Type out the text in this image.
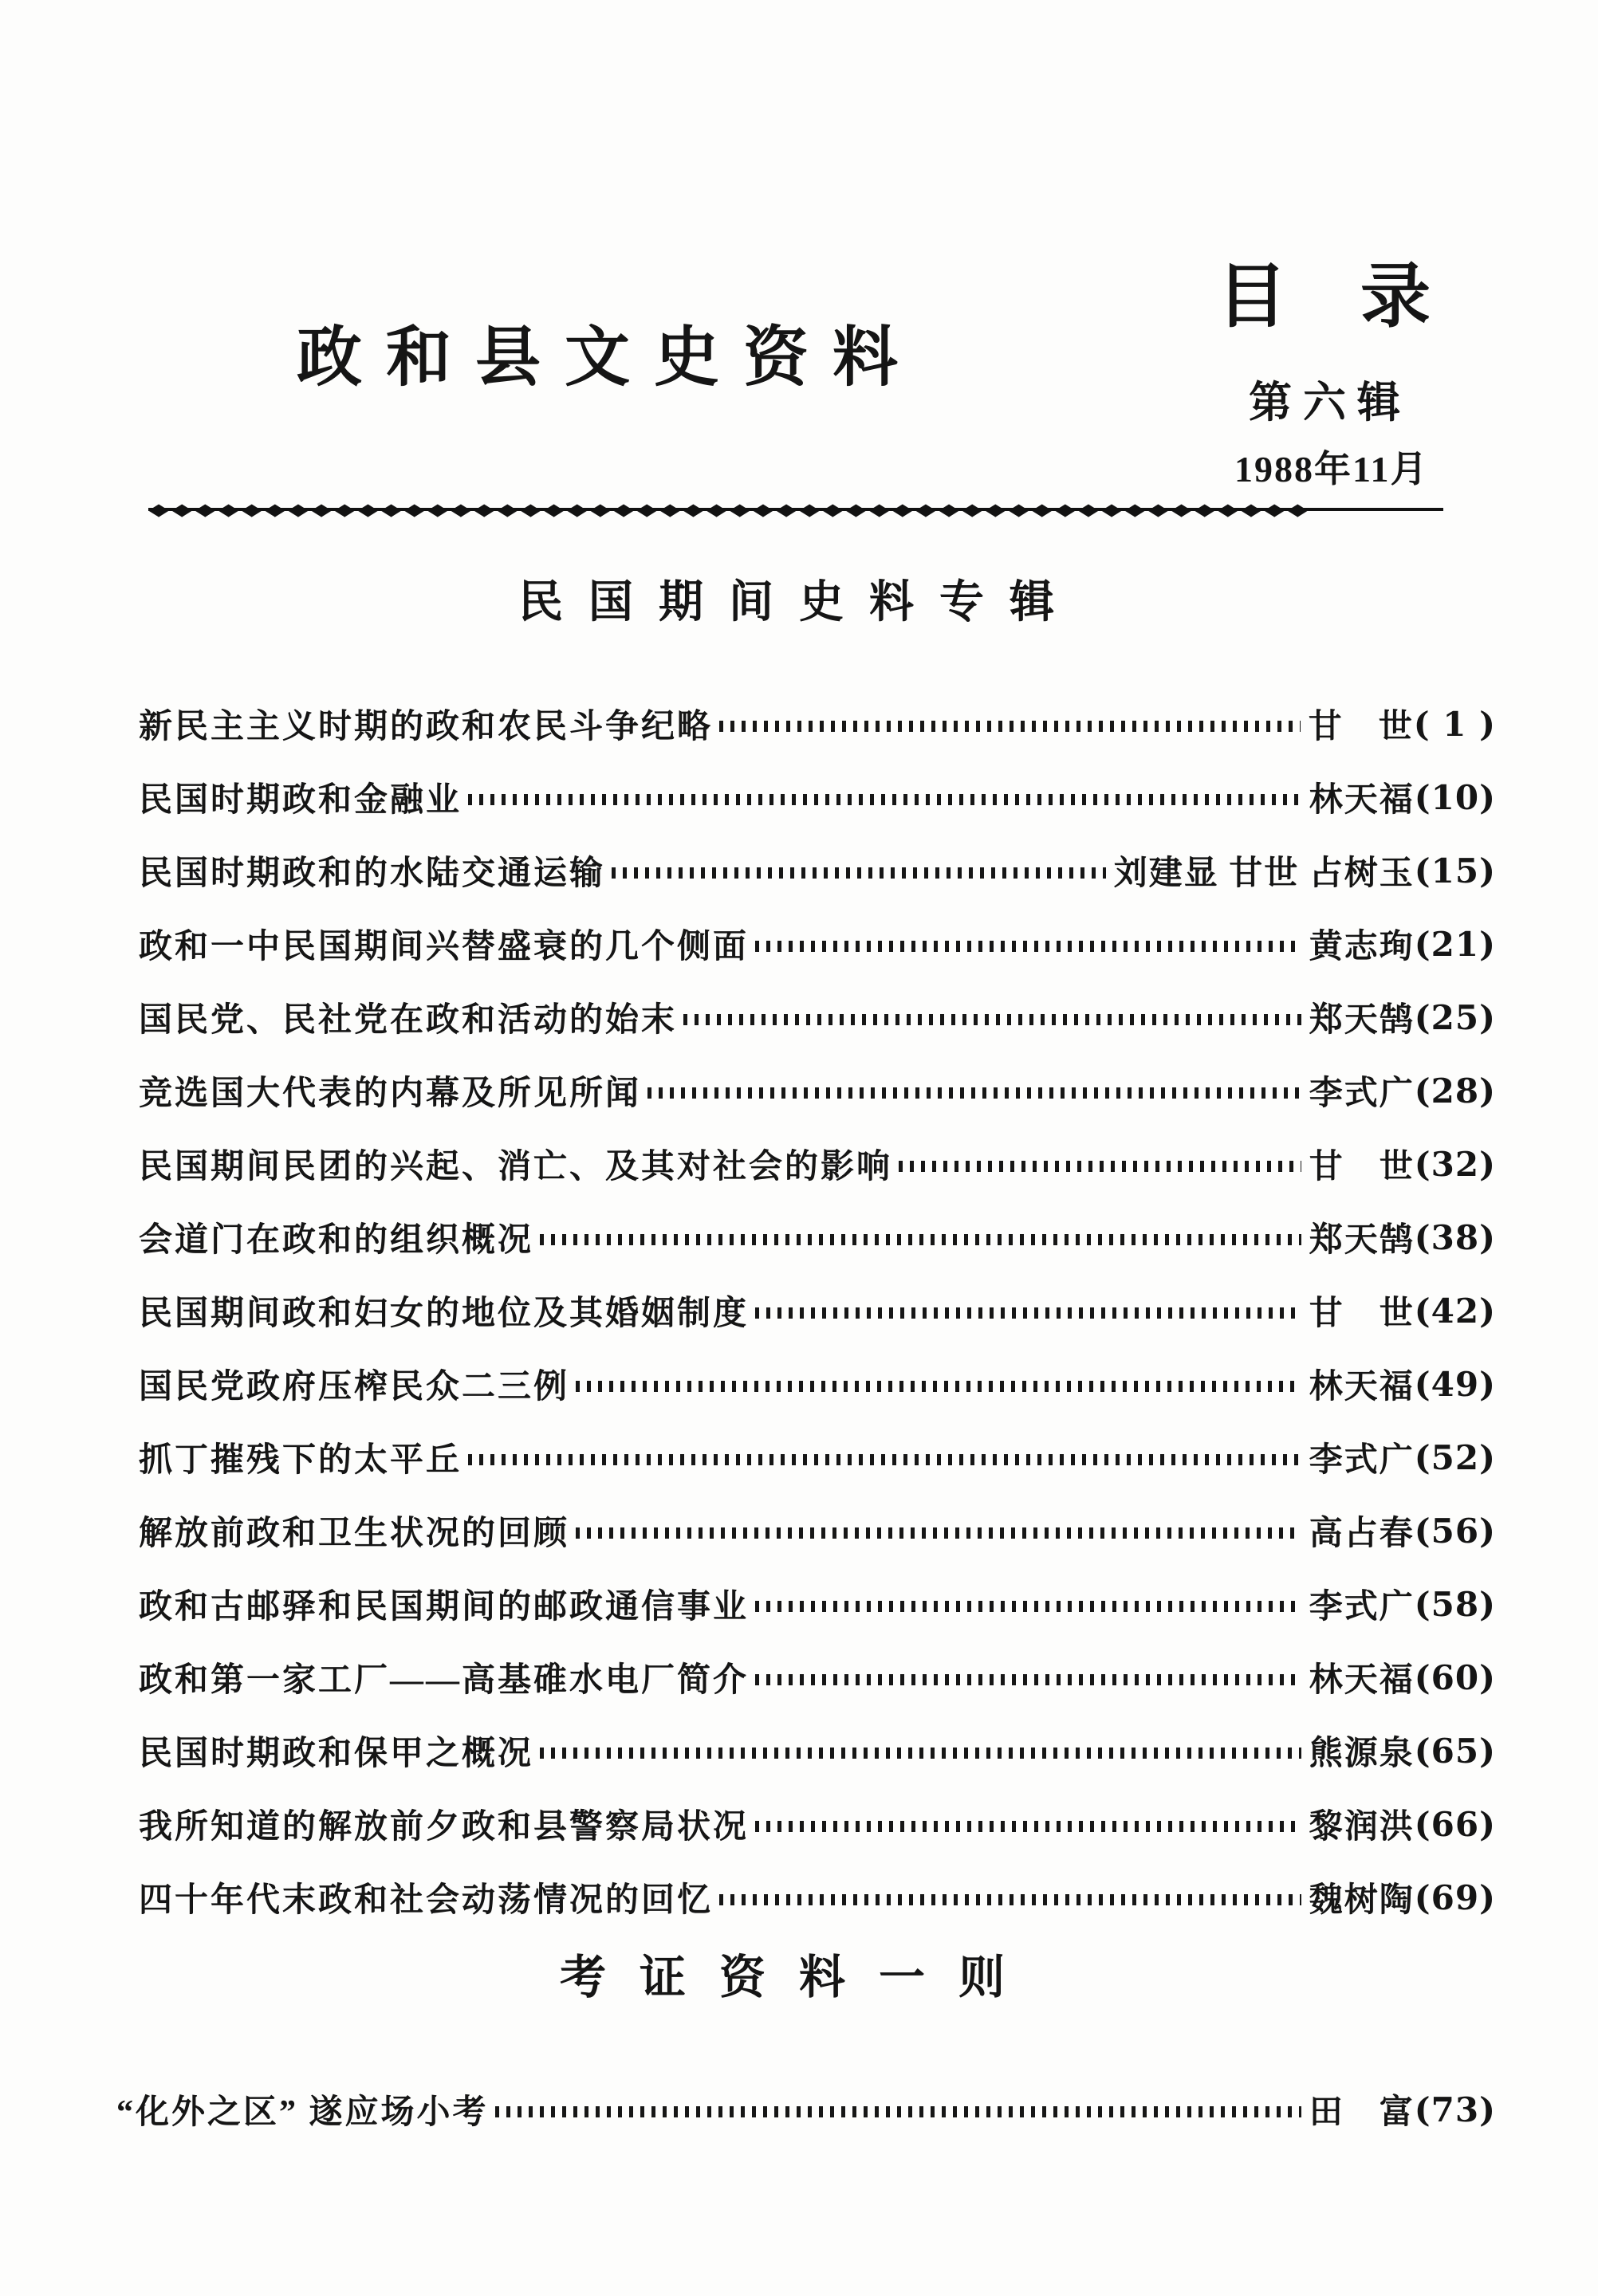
政和县文史资料
目　录
第六辑
1988年11月
◆◆◆◆◆◆◆◆◆◆◆◆◆◆◆◆◆◆◆◆◆◆◆◆◆◆◆◆◆◆◆◆◆◆◆◆◆◆◆◆◆◆◆◆◆◆◆◆◆◆
民国期间史料专辑
新民主主义时期的政和农民斗争纪略	甘　世 ( 1 )
民国时期政和金融业	林天福 (10)
民国时期政和的水陆交通运输	刘建显 甘世 占树玉 (15)
政和一中民国期间兴替盛衰的几个侧面	黄志珣 (21)
国民党、民社党在政和活动的始末	郑天鹄 (25)
竞选国大代表的内幕及所见所闻	李式广 (28)
民国期间民团的兴起、消亡、及其对社会的影响	甘　世 (32)
会道门在政和的组织概况	郑天鹄 (38)
民国期间政和妇女的地位及其婚姻制度	甘　世 (42)
国民党政府压榨民众二三例	林天福 (49)
抓丁摧残下的太平丘	李式广 (52)
解放前政和卫生状况的回顾	高占春 (56)
政和古邮驿和民国期间的邮政通信事业	李式广 (58)
政和第一家工厂——高基碓水电厂简介	林天福 (60)
民国时期政和保甲之概况	熊源泉 (65)
我所知道的解放前夕政和县警察局状况	黎润洪 (66)
四十年代末政和社会动荡情况的回忆	魏树陶 (69)
考证资料一则
“化外之区” 遂应场小考	田　富 (73)
